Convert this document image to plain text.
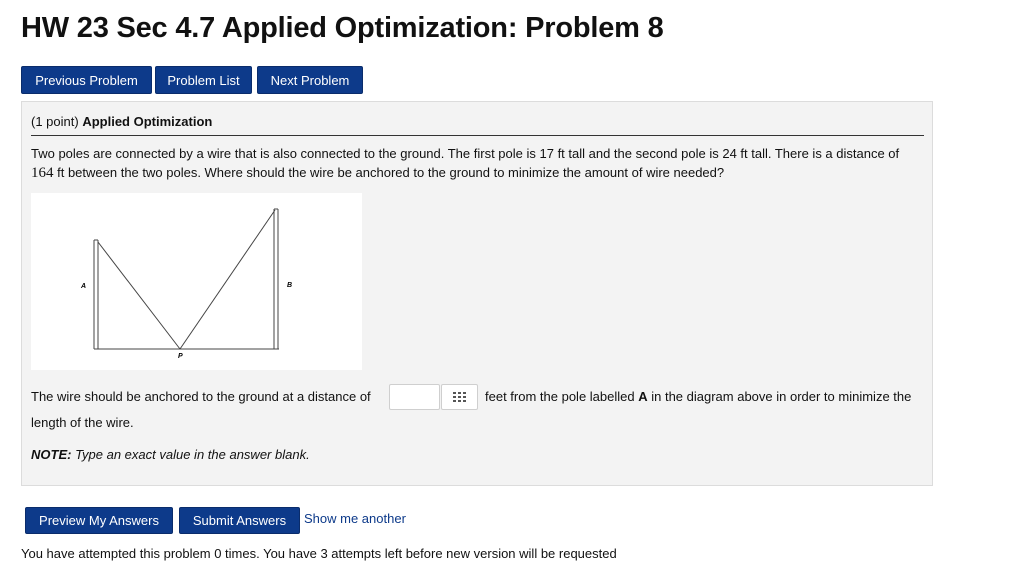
HW 23 Sec 4.7 Applied Optimization: Problem 8
Previous Problem	Problem List	Next Problem
(1 point) Applied Optimization
Two poles are connected by a wire that is also connected to the ground. The first pole is 17 ft tall and the second pole is 24 ft tall. There is a distance of 164 ft between the two poles. Where should the wire be anchored to the ground to minimize the amount of wire needed?
A	B
P
The wire should be anchored to the ground at a distance of	feet from the pole labelled A in the diagram above in order to minimize the
length of the wire.
NOTE: Type an exact value in the answer blank.
Preview My Answers	Submit Answers	Show me another
You have attempted this problem 0 times. You have 3 attempts left before new version will be requested
